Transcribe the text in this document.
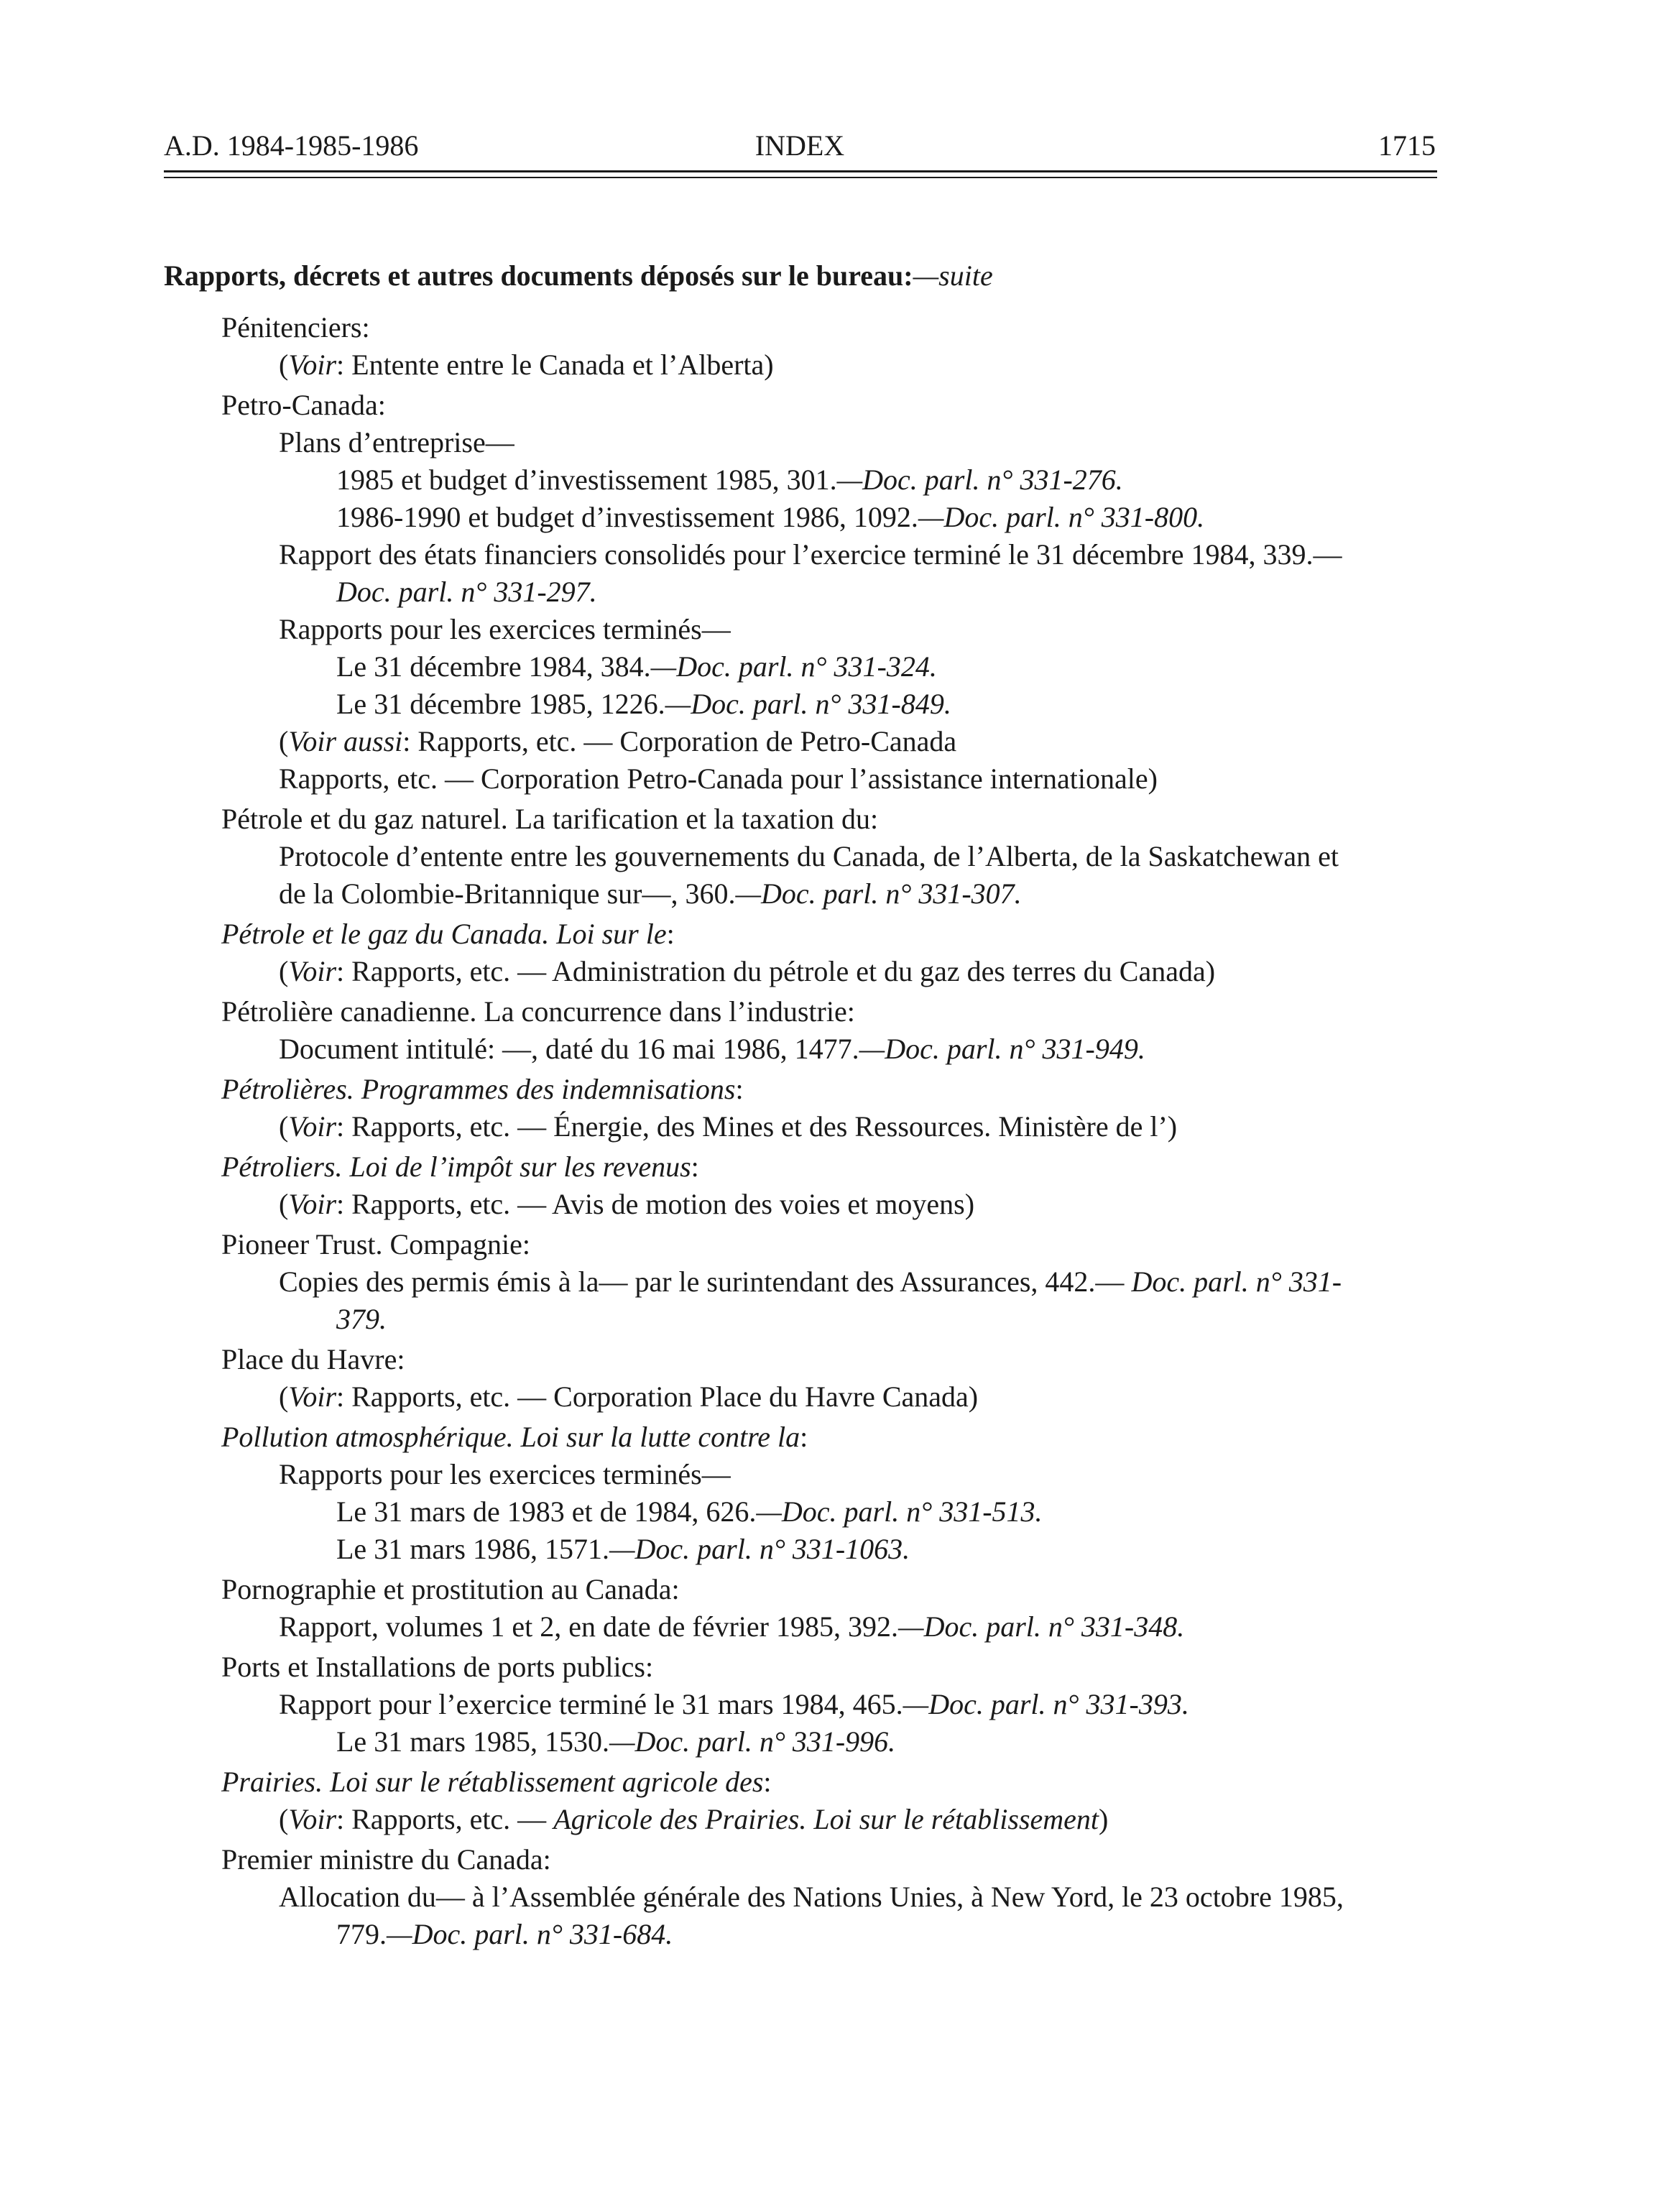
A.D. 1984-1985-1986	INDEX	1715
Rapports, décrets et autres documents déposés sur le bureau:—suite
Pénitenciers:
(Voir: Entente entre le Canada et l’Alberta)
Petro-Canada:
Plans d’entreprise—
1985 et budget d’investissement 1985, 301.—Doc. parl. n° 331-276.
1986-1990 et budget d’investissement 1986, 1092.—Doc. parl. n° 331-800.
Rapport des états financiers consolidés pour l’exercice terminé le 31 décembre 1984, 339.—
Doc. parl. n° 331-297.
Rapports pour les exercices terminés—
Le 31 décembre 1984, 384.—Doc. parl. n° 331-324.
Le 31 décembre 1985, 1226.—Doc. parl. n° 331-849.
(Voir aussi: Rapports, etc. — Corporation de Petro-Canada
Rapports, etc. — Corporation Petro-Canada pour l’assistance internationale)
Pétrole et du gaz naturel. La tarification et la taxation du:
Protocole d’entente entre les gouvernements du Canada, de l’Alberta, de la Saskatchewan et
de la Colombie-Britannique sur—, 360.—Doc. parl. n° 331-307.
Pétrole et le gaz du Canada. Loi sur le:
(Voir: Rapports, etc. — Administration du pétrole et du gaz des terres du Canada)
Pétrolière canadienne. La concurrence dans l’industrie:
Document intitulé: —, daté du 16 mai 1986, 1477.—Doc. parl. n° 331-949.
Pétrolières. Programmes des indemnisations:
(Voir: Rapports, etc. — Énergie, des Mines et des Ressources. Ministère de l’)
Pétroliers. Loi de l’impôt sur les revenus:
(Voir: Rapports, etc. — Avis de motion des voies et moyens)
Pioneer Trust. Compagnie:
Copies des permis émis à la— par le surintendant des Assurances, 442.— Doc. parl. n° 331-
379.
Place du Havre:
(Voir: Rapports, etc. — Corporation Place du Havre Canada)
Pollution atmosphérique. Loi sur la lutte contre la:
Rapports pour les exercices terminés—
Le 31 mars de 1983 et de 1984, 626.—Doc. parl. n° 331-513.
Le 31 mars 1986, 1571.—Doc. parl. n° 331-1063.
Pornographie et prostitution au Canada:
Rapport, volumes 1 et 2, en date de février 1985, 392.—Doc. parl. n° 331-348.
Ports et Installations de ports publics:
Rapport pour l’exercice terminé le 31 mars 1984, 465.—Doc. parl. n° 331-393.
Le 31 mars 1985, 1530.—Doc. parl. n° 331-996.
Prairies. Loi sur le rétablissement agricole des:
(Voir: Rapports, etc. — Agricole des Prairies. Loi sur le rétablissement)
Premier ministre du Canada:
Allocation du— à l’Assemblée générale des Nations Unies, à New Yord, le 23 octobre 1985,
779.—Doc. parl. n° 331-684.
